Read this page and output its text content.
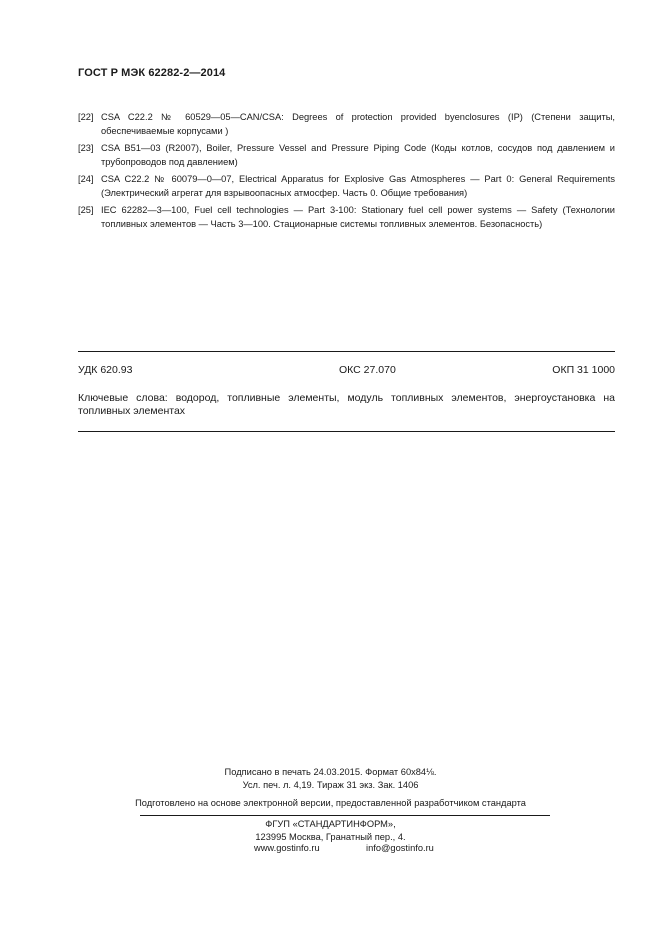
ГОСТ Р МЭК 62282-2—2014
[22] CSA C22.2 № 60529—05—CAN/CSA: Degrees of protection provided byenclosures (IP) (Степени защиты, обеспечиваемые корпусами )
[23] CSA B51—03 (R2007), Boiler, Pressure Vessel and Pressure Piping Code (Коды котлов, сосудов под давлением и трубопроводов под давлением)
[24] CSA C22.2 № 60079—0—07, Electrical Apparatus for Explosive Gas Atmospheres — Part 0: General Requirements (Электрический агрегат для взрывоопасных атмосфер. Часть 0. Общие требования)
[25] IEC 62282—3—100, Fuel cell technologies — Part 3-100: Stationary fuel cell power systems — Safety (Технологии топливных элементов — Часть 3—100. Стационарные системы топливных элементов. Безопасность)
УДК 620.93	ОКС 27.070	ОКП 31 1000
Ключевые слова: водород, топливные элементы, модуль топливных элементов, энергоустановка на топливных элементах
Подписано в печать 24.03.2015. Формат 60x84⅛.
Усл. печ. л. 4,19. Тираж 31 экз. Зак. 1406
Подготовлено на основе электронной версии, предоставленной разработчиком стандарта
ФГУП «СТАНДАРТИНФОРМ»,
123995 Москва, Гранатный пер., 4.
www.gostinfo.ru	info@gostinfo.ru
